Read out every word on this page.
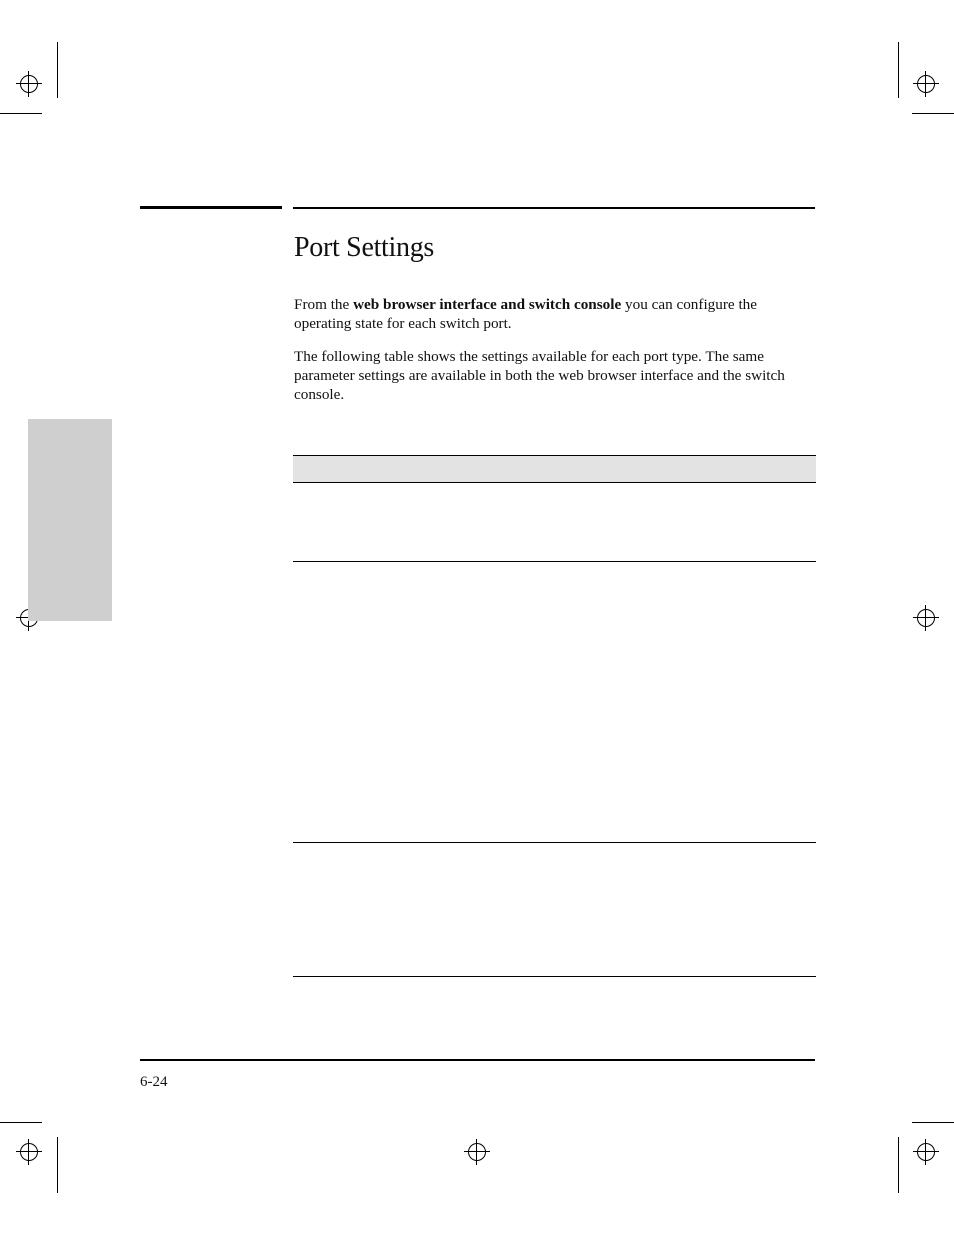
Port Settings

From the web browser interface and switch console you can configure the operating state for each switch port.

The following table shows the settings available for each port type. The same parameter settings are available in both the web browser interface and the switch console.

6-24
